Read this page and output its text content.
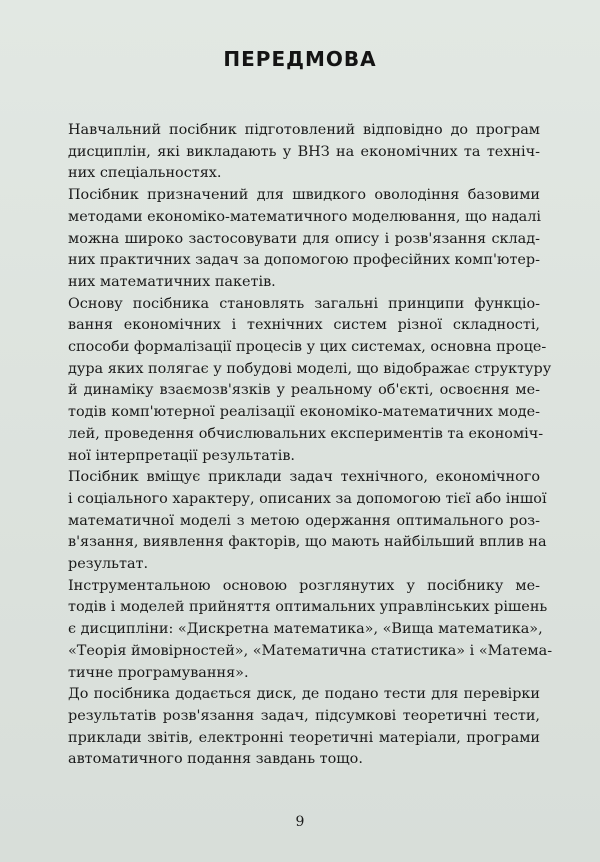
ПЕРЕДМОВА

Навчальний посібник підготовлений відповідно до програм
дисциплін, які викладають у ВНЗ на економічних та техніч-
них спеціальностях.

Посібник призначений для швидкого оволодіння базовими
методами економіко-математичного моделювання, що надалі
можна широко застосовувати для опису і розв'язання склад-
них практичних задач за допомогою професійних комп'ютер-
них математичних пакетів.

Основу посібника становлять загальні принципи функціо-
вання економічних і технічних систем різної складності,
способи формалізації процесів у цих системах, основна проце-
дура яких полягає у побудові моделі, що відображає структуру
й динаміку взаємозв'язків у реальному об'єкті, освоєння ме-
тодів комп'ютерної реалізації економіко-математичних моде-
лей, проведення обчислювальних експериментів та економіч-
ної інтерпретації результатів.

Посібник вміщує приклади задач технічного, економічного
і соціального характеру, описаних за допомогою тієї або іншої
математичної моделі з метою одержання оптимального роз-
в'язання, виявлення факторів, що мають найбільший вплив на
результат.

Інструментальною основою розглянутих у посібнику ме-
тодів і моделей прийняття оптимальних управлінських рішень
є дисципліни: «Дискретна математика», «Вища математика»,
«Теорія ймовірностей», «Математична статистика» і «Матема-
тичне програмування».

До посібника додається диск, де подано тести для перевірки
результатів розв'язання задач, підсумкові теоретичні тести,
приклади звітів, електронні теоретичні матеріали, програми
автоматичного подання завдань тощо.

9
